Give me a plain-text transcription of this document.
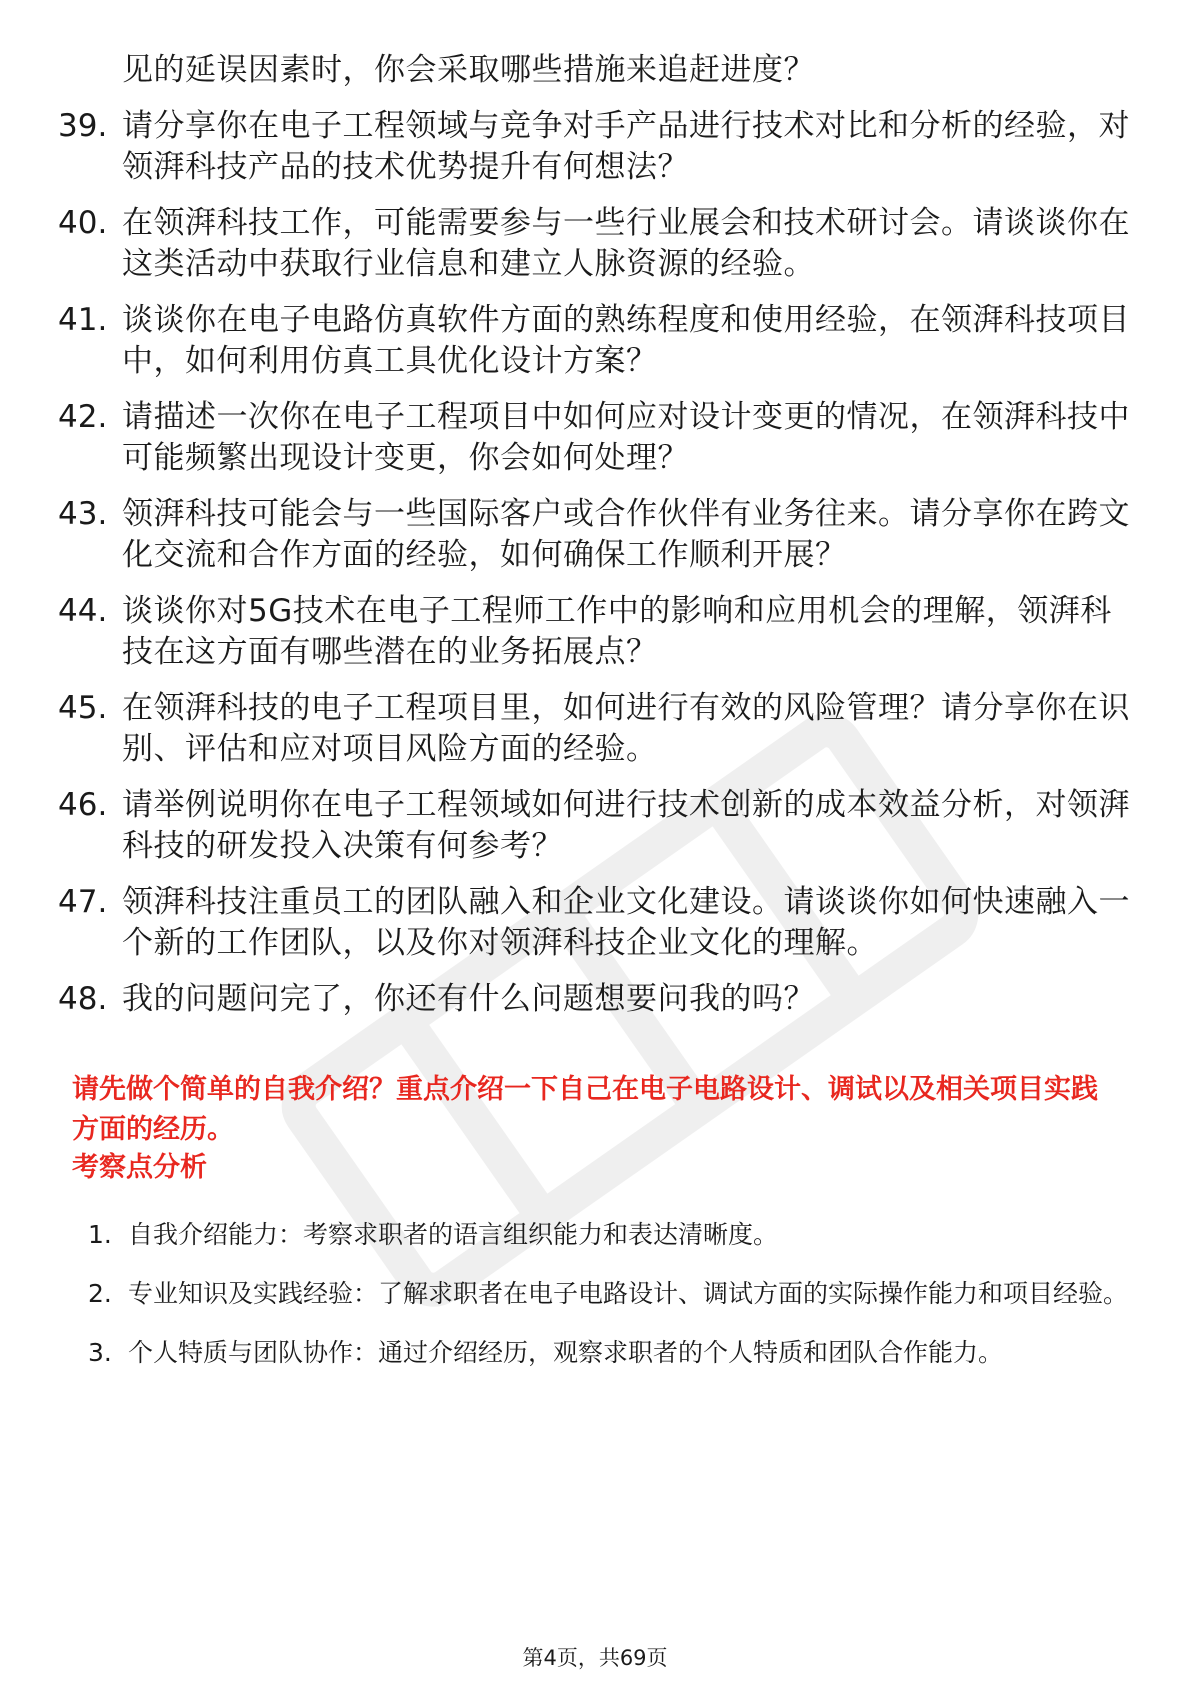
见的延误因素时，你会采取哪些措施来追赶进度？
39. 请分享你在电子工程领域与竞争对手产品进行技术对比和分析的经验，对领湃科技产品的技术优势提升有何想法？
40. 在领湃科技工作，可能需要参与一些行业展会和技术研讨会。请谈谈你在这类活动中获取行业信息和建立人脉资源的经验。
41. 谈谈你在电子电路仿真软件方面的熟练程度和使用经验，在领湃科技项目中，如何利用仿真工具优化设计方案？
42. 请描述一次你在电子工程项目中如何应对设计变更的情况，在领湃科技中可能频繁出现设计变更，你会如何处理？
43. 领湃科技可能会与一些国际客户或合作伙伴有业务往来。请分享你在跨文化交流和合作方面的经验，如何确保工作顺利开展？
44. 谈谈你对5G技术在电子工程师工作中的影响和应用机会的理解，领湃科技在这方面有哪些潜在的业务拓展点？
45. 在领湃科技的电子工程项目里，如何进行有效的风险管理？请分享你在识别、评估和应对项目风险方面的经验。
46. 请举例说明你在电子工程领域如何进行技术创新的成本效益分析，对领湃科技的研发投入决策有何参考？
47. 领湃科技注重员工的团队融入和企业文化建设。请谈谈你如何快速融入一个新的工作团队，以及你对领湃科技企业文化的理解。
48. 我的问题问完了，你还有什么问题想要问我的吗？
请先做个简单的自我介绍？重点介绍一下自己在电子电路设计、调试以及相关项目实践方面的经历。
考察点分析
1. 自我介绍能力：考察求职者的语言组织能力和表达清晰度。
2. 专业知识及实践经验：了解求职者在电子电路设计、调试方面的实际操作能力和项目经验。
3. 个人特质与团队协作：通过介绍经历，观察求职者的个人特质和团队合作能力。
第4页，共69页
